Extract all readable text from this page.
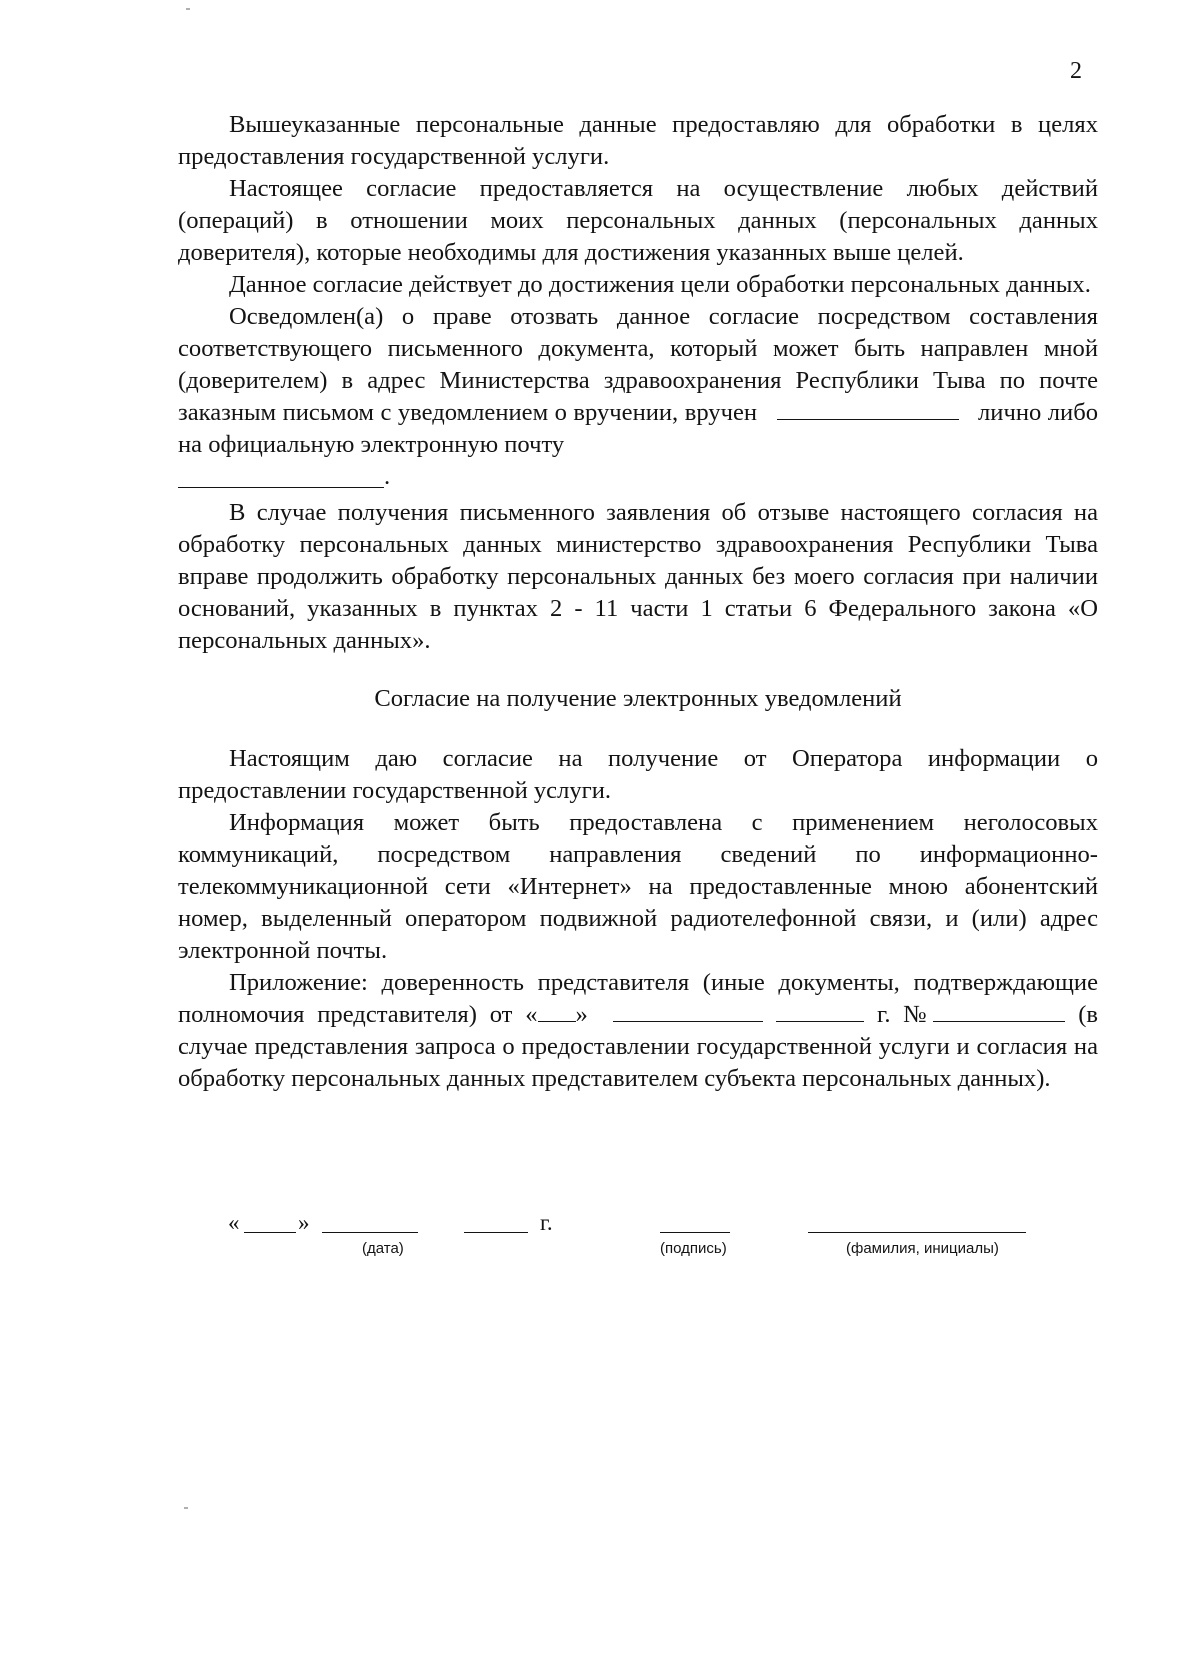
2

Вышеуказанные персональные данные предоставляю для обработки в целях предоставления государственной услуги.

Настоящее согласие предоставляется на осуществление любых действий (операций) в отношении моих персональных данных (персональных данных доверителя), которые необходимы для достижения указанных выше целей.

Данное согласие действует до достижения цели обработки персональных данных.

Осведомлен(а) о праве отозвать данное согласие посредством составления соответствующего письменного документа, который может быть направлен мной (доверителем) в адрес Министерства здравоохранения Республики Тыва по почте заказным письмом с уведомлением о вручении, вручен	лично либо на официальную электронную почту

.

В случае получения письменного заявления об отзыве настоящего согласия на обработку персональных данных министерство здравоохранения Республики Тыва вправе продолжить обработку персональных данных без моего согласия при наличии оснований, указанных в пунктах 2 - 11 части 1 статьи 6 Федерального закона «О персональных данных».

Согласие на получение электронных уведомлений

Настоящим даю согласие на получение от Оператора информации о предоставлении государственной услуги.

Информация может быть предоставлена с применением неголосовых коммуникаций, посредством направления сведений по информационно-телекоммуникационной сети «Интернет» на предоставленные мною абонентский номер, выделенный оператором подвижной радиотелефонной связи, и (или) адрес электронной почты.

Приложение: доверенность представителя (иные документы, подтверждающие полномочия представителя) от « »	г. №	(в случае представления запроса о предоставлении государственной услуги и согласия на обработку персональных данных представителем субъекта персональных данных).

«	»	г.
(дата)	(подпись)	(фамилия, инициалы)
